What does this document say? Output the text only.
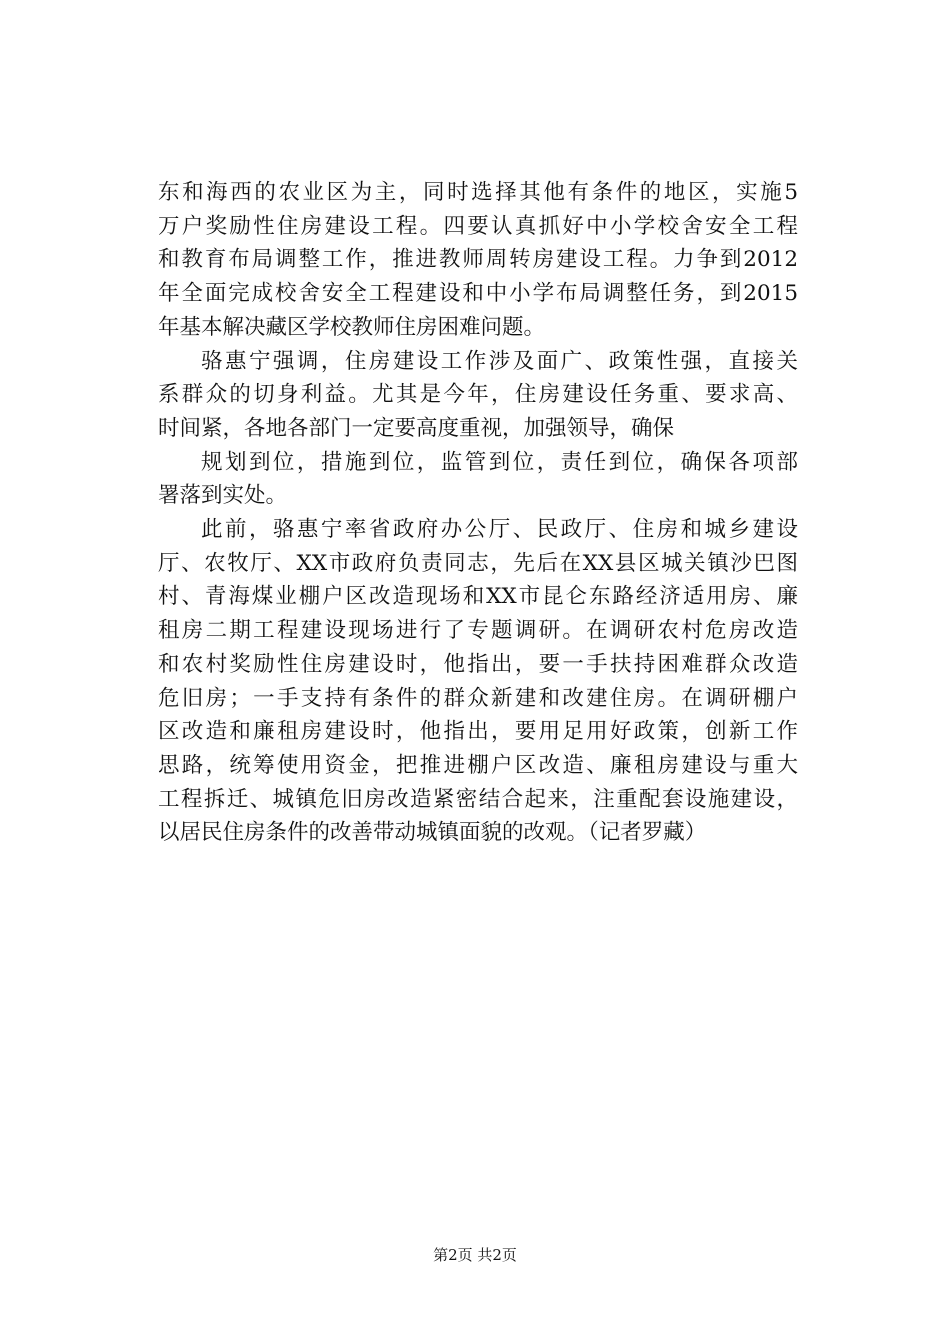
东和海西的农业区为主，同时选择其他有条件的地区，实施5
万户奖励性住房建设工程。四要认真抓好中小学校舍安全工程
和教育布局调整工作，推进教师周转房建设工程。力争到2012
年全面完成校舍安全工程建设和中小学布局调整任务，到2015
年基本解决藏区学校教师住房困难问题。
骆惠宁强调，住房建设工作涉及面广、政策性强，直接关
系群众的切身利益。尤其是今年，住房建设任务重、要求高、
时间紧，各地各部门一定要高度重视，加强领导，确保
规划到位，措施到位，监管到位，责任到位，确保各项部
署落到实处。
此前，骆惠宁率省政府办公厅、民政厅、住房和城乡建设
厅、农牧厅、XX市政府负责同志，先后在XX县区城关镇沙巴图
村、青海煤业棚户区改造现场和XX市昆仑东路经济适用房、廉
租房二期工程建设现场进行了专题调研。在调研农村危房改造
和农村奖励性住房建设时，他指出，要一手扶持困难群众改造
危旧房；一手支持有条件的群众新建和改建住房。在调研棚户
区改造和廉租房建设时，他指出，要用足用好政策，创新工作
思路，统筹使用资金，把推进棚户区改造、廉租房建设与重大
工程拆迁、城镇危旧房改造紧密结合起来，注重配套设施建设，
以居民住房条件的改善带动城镇面貌的改观。（记者罗藏）
第2页 共2页
